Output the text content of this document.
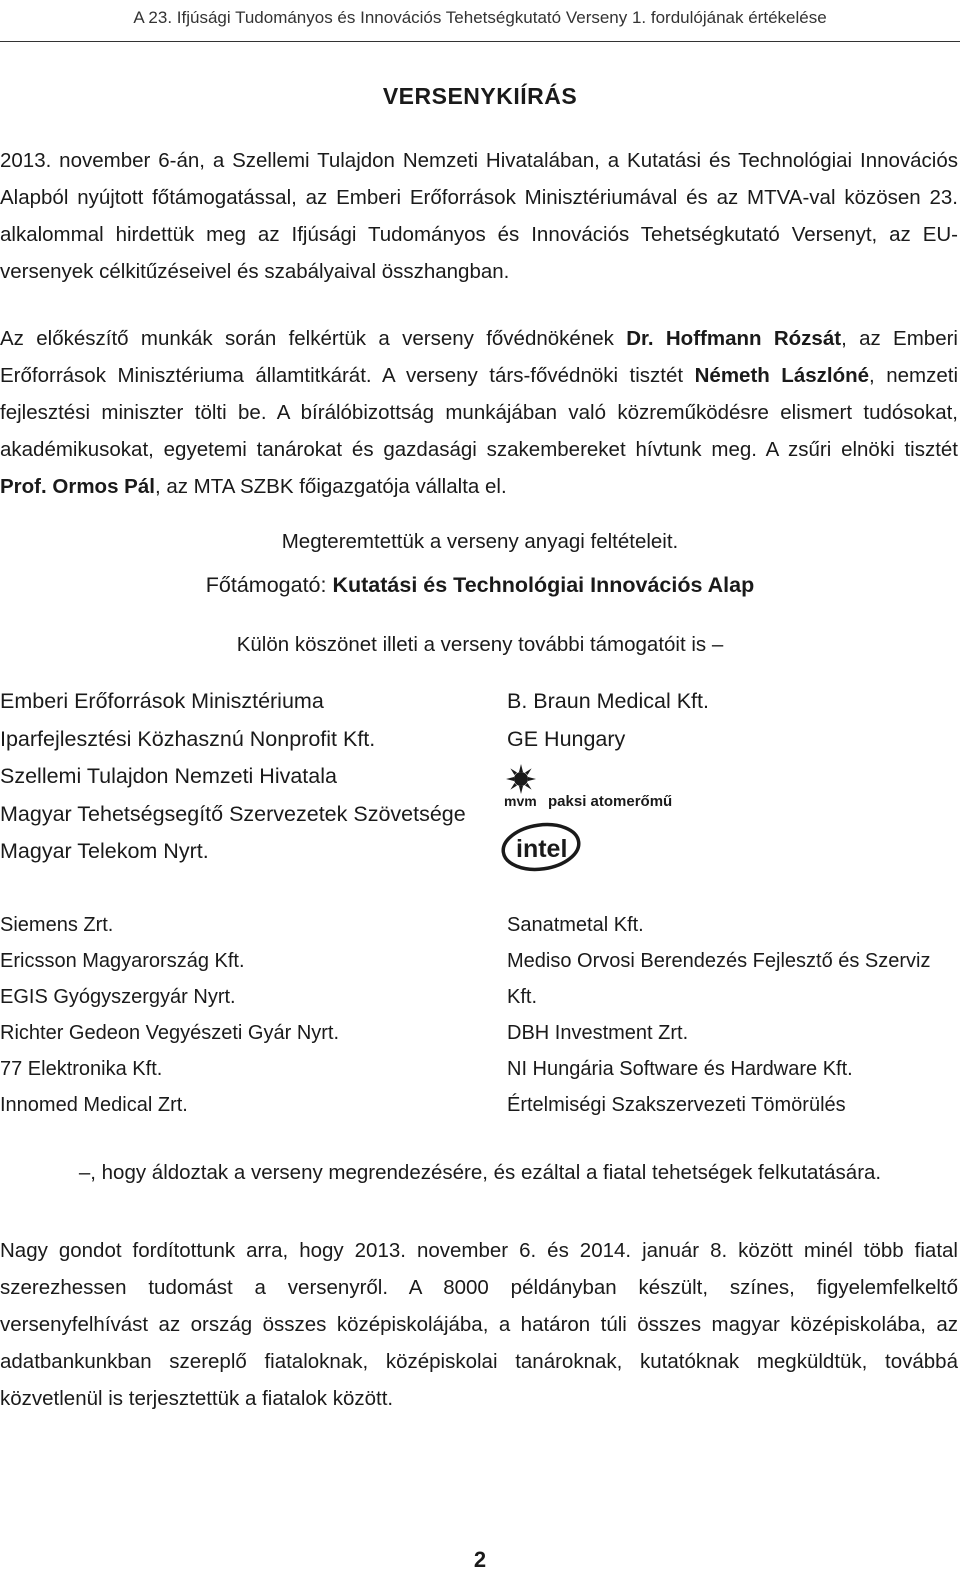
A 23. Ifjúsági Tudományos és Innovációs Tehetségkutató Verseny 1. fordulójának értékelése
VERSENYKIÍRÁS
2013. november 6-án, a Szellemi Tulajdon Nemzeti Hivatalában, a Kutatási és Technológiai Innovációs Alapból nyújtott főtámogatással, az Emberi Erőforrások Minisztériumával és az MTVA-val közösen 23. alkalommal hirdettük meg az Ifjúsági Tudományos és Innovációs Tehetségkutató Versenyt, az EU-versenyek célkitűzéseivel és szabályaival összhangban.
Az előkészítő munkák során felkértük a verseny fővédnökének Dr. Hoffmann Rózsát, az Emberi Erőforrások Minisztériuma államtitkárát. A verseny társ-fővédnöki tisztét Németh Lászlóné, nemzeti fejlesztési miniszter tölti be. A bírálóbizottság munkájában való közreműködésre elismert tudósokat, akadémikusokat, egyetemi tanárokat és gazdasági szakembereket hívtunk meg. A zsűri elnöki tisztét Prof. Ormos Pál, az MTA SZBK főigazgatója vállalta el.
Megteremtettük a verseny anyagi feltételeit.
Főtámogató: Kutatási és Technológiai Innovációs Alap
Külön köszönet illeti a verseny további támogatóit is –
Emberi Erőforrások Minisztériuma
Iparfejlesztési Közhasznú Nonprofit Kft.
Szellemi Tulajdon Nemzeti Hivatala
Magyar Tehetségsegítő Szervezetek Szövetsége
Magyar Telekom Nyrt.
B. Braun Medical Kft.
GE Hungary
mvm paksi atomerőmű
intel
Siemens Zrt.
Ericsson Magyarország Kft.
EGIS Gyógyszergyár Nyrt.
Richter Gedeon Vegyészeti Gyár Nyrt.
77 Elektronika Kft.
Innomed Medical Zrt.
Sanatmetal Kft.
Mediso Orvosi Berendezés Fejlesztő és Szerviz Kft.
DBH Investment Zrt.
NI Hungária Software és Hardware Kft.
Értelmiségi Szakszervezeti Tömörülés
–, hogy áldoztak a verseny megrendezésére, és ezáltal a fiatal tehetségek felkutatására.
Nagy gondot fordítottunk arra, hogy 2013. november 6. és 2014. január 8. között minél több fiatal szerezhessen tudomást a versenyről. A 8000 példányban készült, színes, figyelemfelkeltő versenyfelhívást az ország összes középiskolájába, a határon túli összes magyar középiskolába, az adatbankunkban szereplő fiataloknak, középiskolai tanároknak, kutatóknak megküldtük, továbbá közvetlenül is terjesztettük a fiatalok között.
2
